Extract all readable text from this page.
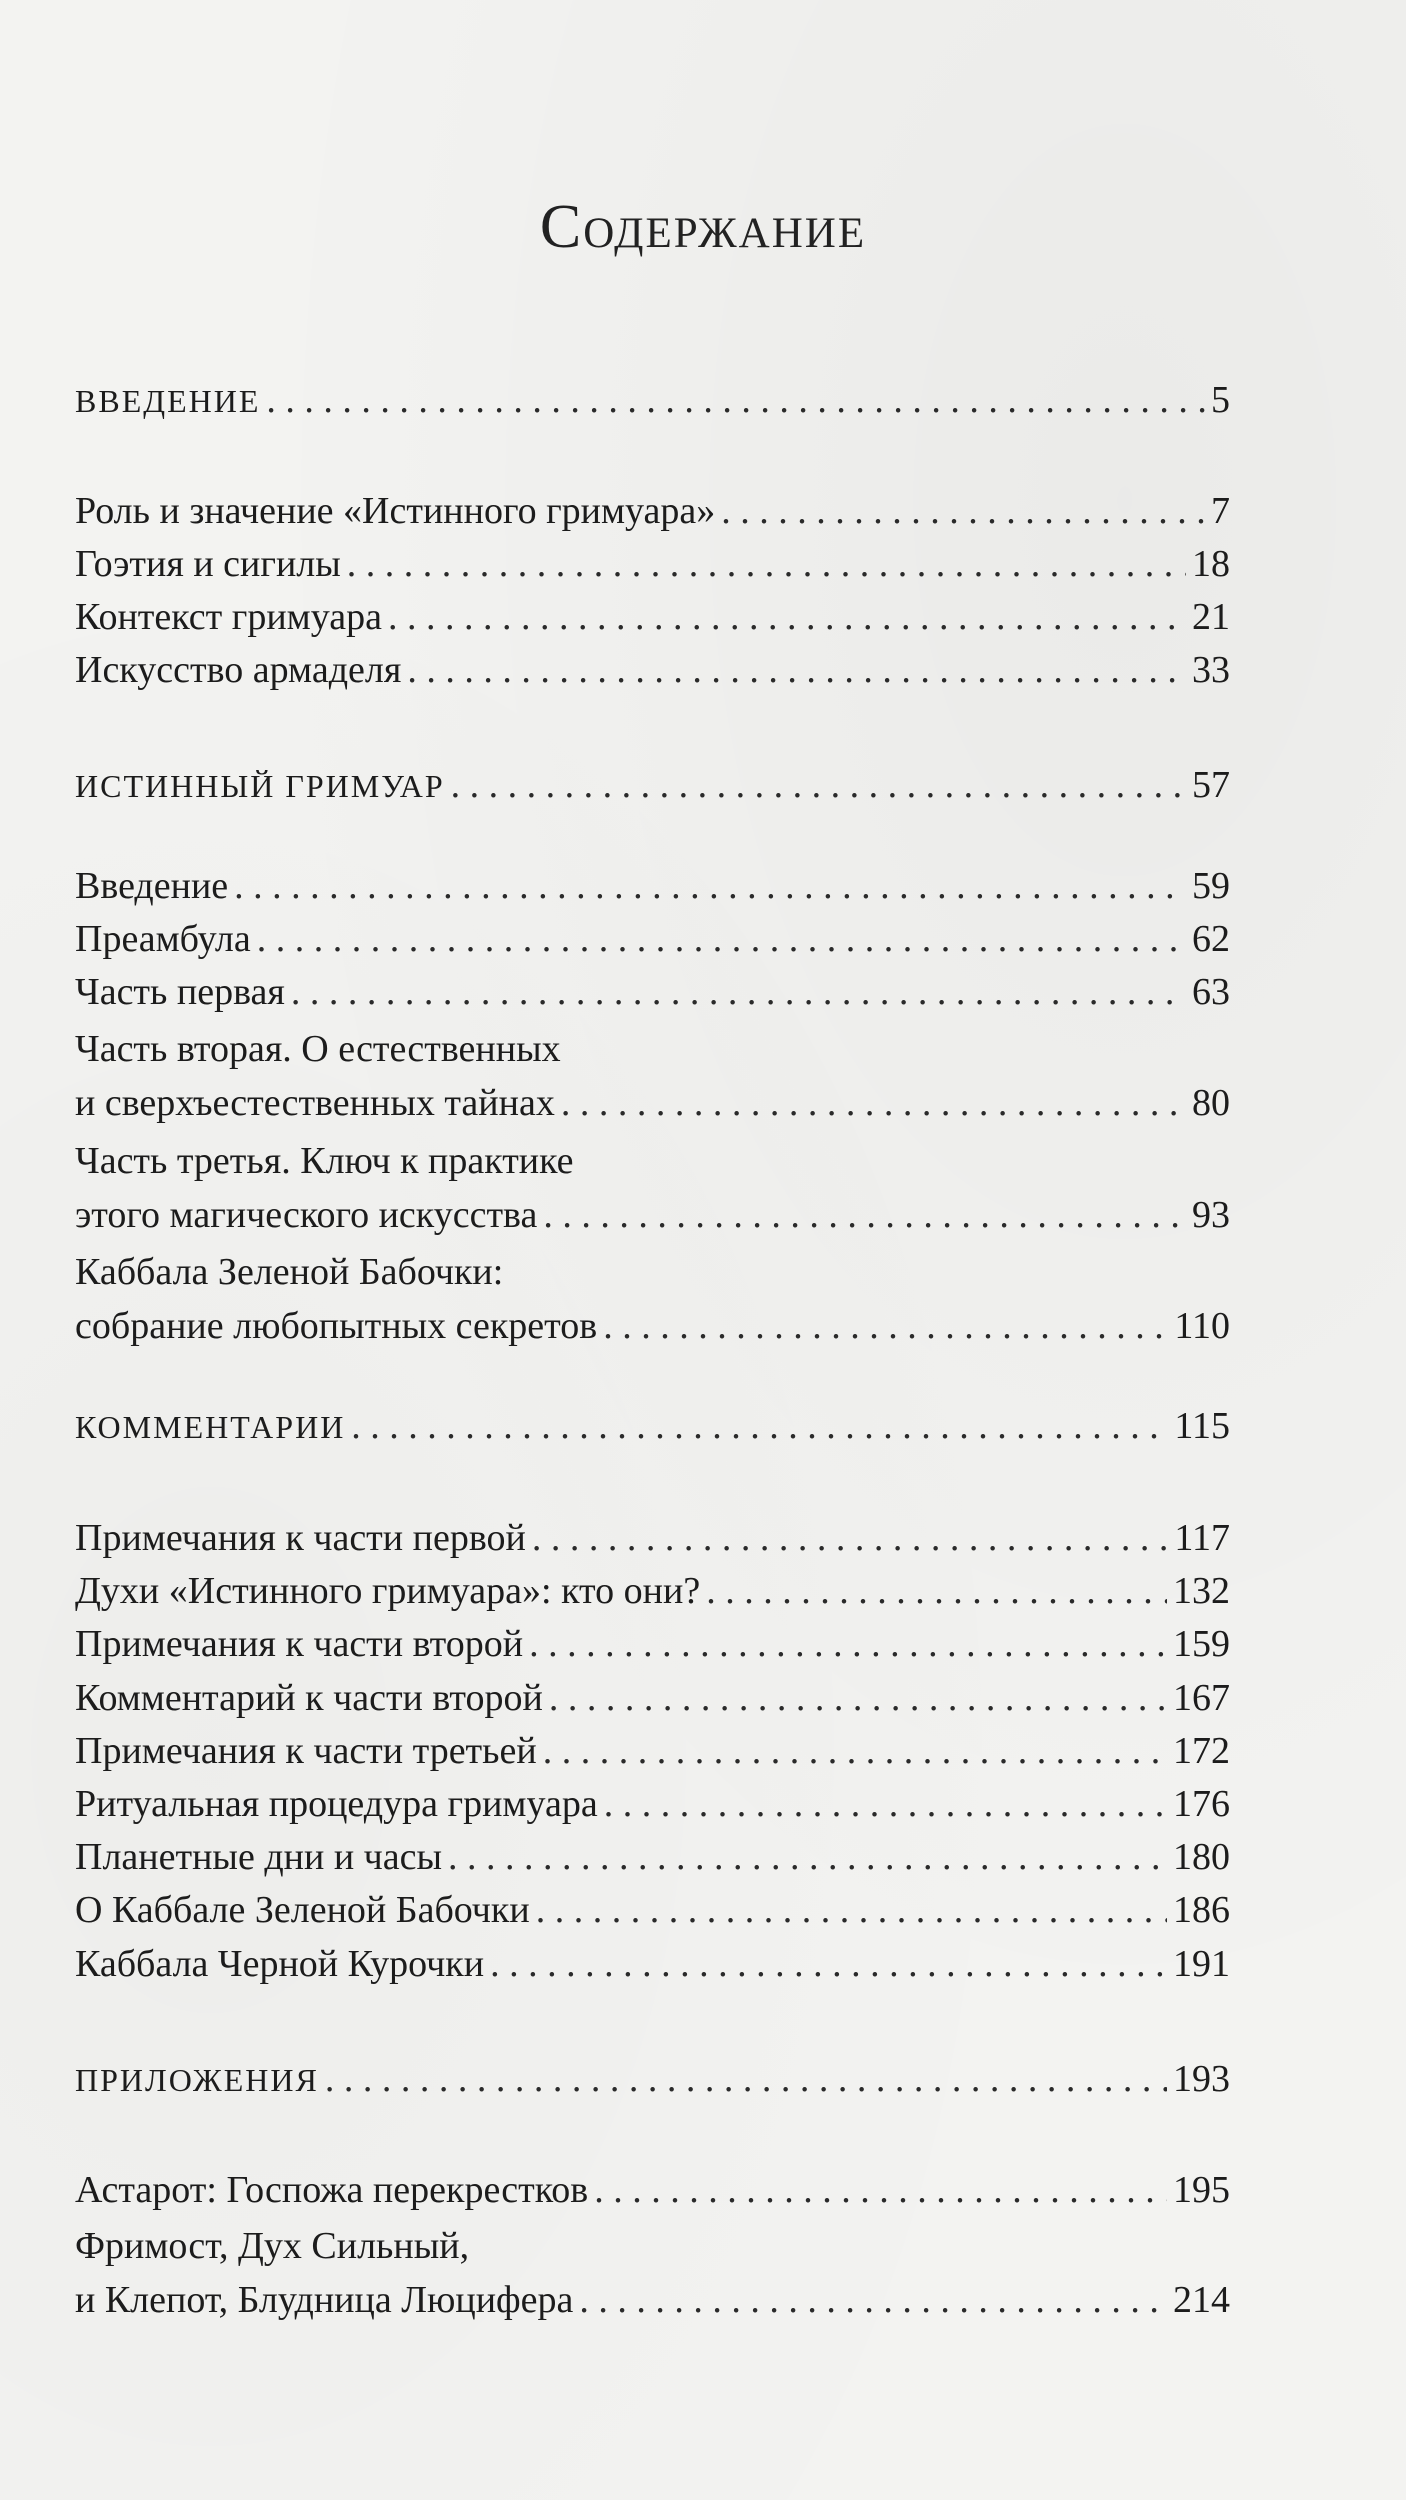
Содержание
ВВЕДЕНИЕ . . .	5
Роль и значение «Истинного гримуара» . . .	7
Гоэтия и сигилы . . .	18
Контекст гримуара . . .	21
Искусство армаделя . . .	33
ИСТИННЫЙ ГРИМУАР . . .	57
Введение . . .	59
Преамбула . . .	62
Часть первая . . .	63
Часть вторая. О естественных
и сверхъестественных тайнах . . .	80
Часть третья. Ключ к практике
этого магического искусства . . .	93
Каббала Зеленой Бабочки:
собрание любопытных секретов . . .	110
КОММЕНТАРИИ . . .	115
Примечания к части первой . . .	117
Духи «Истинного гримуара»: кто они? . . .	132
Примечания к части второй . . .	159
Комментарий к части второй . . .	167
Примечания к части третьей . . .	172
Ритуальная процедура гримуара . . .	176
Планетные дни и часы . . .	180
О Каббале Зеленой Бабочки . . .	186
Каббала Черной Курочки . . .	191
ПРИЛОЖЕНИЯ . . .	193
Астарот: Госпожа перекрестков . . .	195
Фримост, Дух Сильный,
и Клепот, Блудница Люцифера . . .	214
